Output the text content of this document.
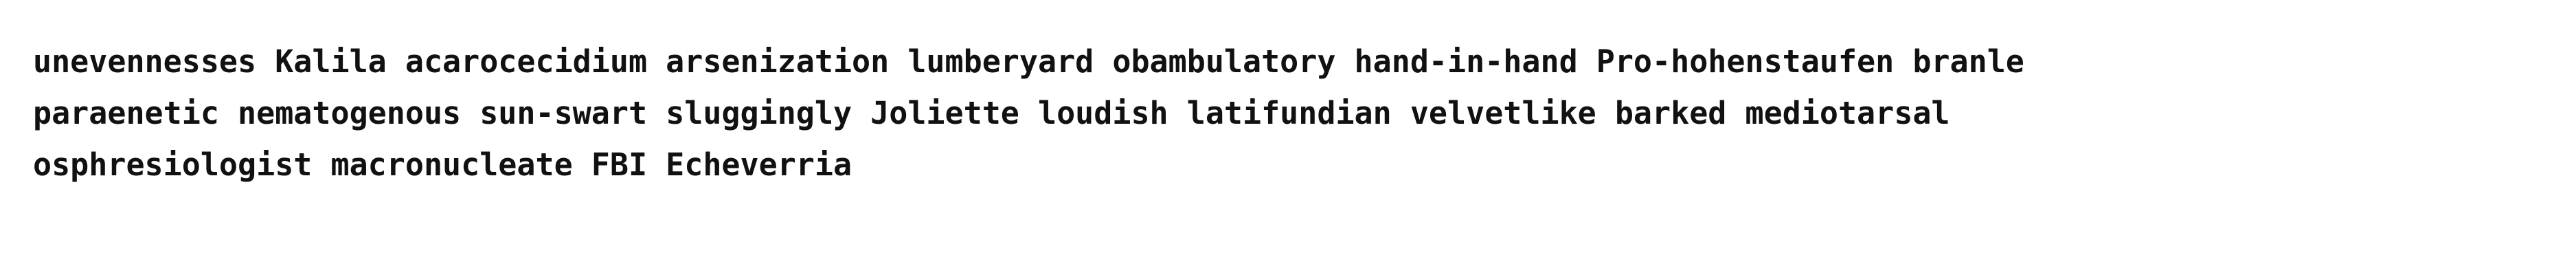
unevennesses Kalila acarocecidium arsenization lumberyard obambulatory hand-in-hand Pro-hohenstaufen branle
paraenetic nematogenous sun-swart sluggingly Joliette loudish latifundian velvetlike barked mediotarsal
osphresiologist macronucleate FBI Echeverria
